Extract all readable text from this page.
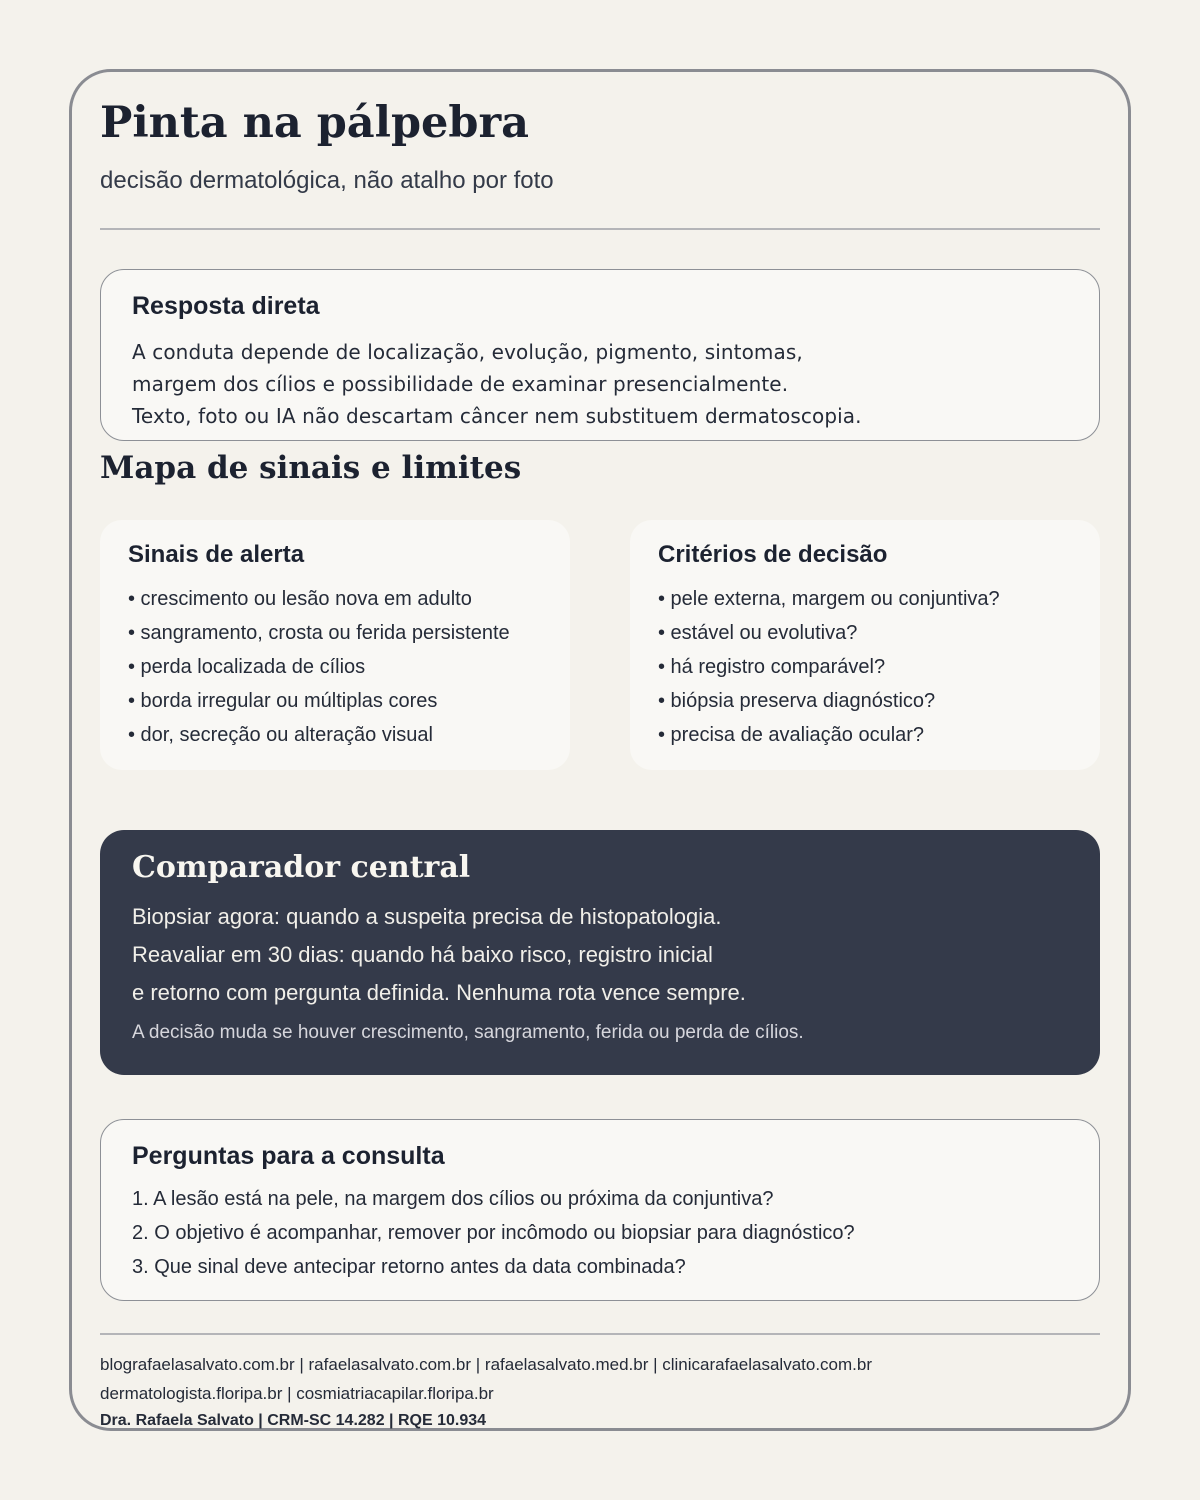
Pinta na pálpebra
decisão dermatológica, não atalho por foto
Resposta direta
A conduta depende de localização, evolução, pigmento, sintomas,
margem dos cílios e possibilidade de examinar presencialmente.
Texto, foto ou IA não descartam câncer nem substituem dermatoscopia.
Mapa de sinais e limites
Sinais de alerta
• crescimento ou lesão nova em adulto
• sangramento, crosta ou ferida persistente
• perda localizada de cílios
• borda irregular ou múltiplas cores
• dor, secreção ou alteração visual
Critérios de decisão
• pele externa, margem ou conjuntiva?
• estável ou evolutiva?
• há registro comparável?
• biópsia preserva diagnóstico?
• precisa de avaliação ocular?
Comparador central
Biopsiar agora: quando a suspeita precisa de histopatologia.
Reavaliar em 30 dias: quando há baixo risco, registro inicial
e retorno com pergunta definida. Nenhuma rota vence sempre.
A decisão muda se houver crescimento, sangramento, ferida ou perda de cílios.
Perguntas para a consulta
1. A lesão está na pele, na margem dos cílios ou próxima da conjuntiva?
2. O objetivo é acompanhar, remover por incômodo ou biopsiar para diagnóstico?
3. Que sinal deve antecipar retorno antes da data combinada?
blografaelasalvato.com.br | rafaelasalvato.com.br | rafaelasalvato.med.br | clinicarafaelasalvato.com.br
dermatologista.floripa.br | cosmiatriacapilar.floripa.br
Dra. Rafaela Salvato | CRM-SC 14.282 | RQE 10.934
